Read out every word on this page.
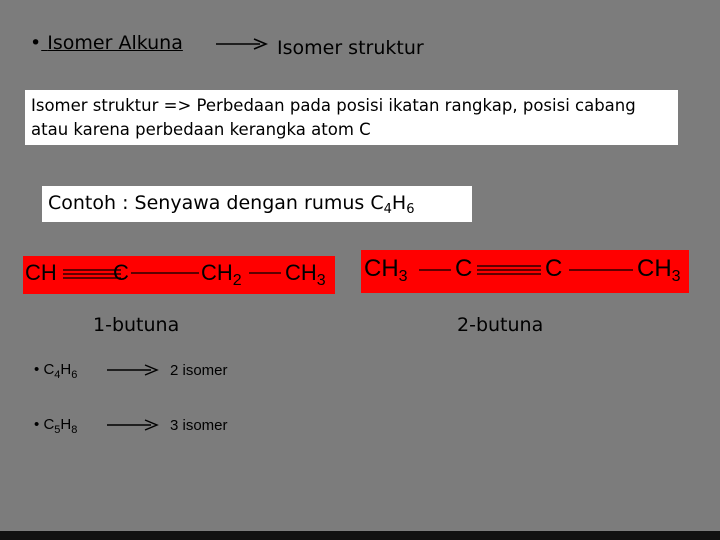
• Isomer Alkuna	Isomer struktur
Isomer struktur => Perbedaan pada posisi ikatan rangkap, posisi cabang atau karena perbedaan kerangka atom C
Contoh : Senyawa dengan rumus $C_4H_6$
CH	C	$CH_2$ $CH_3$ $CH_3$ C	C	$CH_3$
1-butuna	2-butuna
• $C_4H_6$	2 isomer
• $C_5H_8$	3 isomer
